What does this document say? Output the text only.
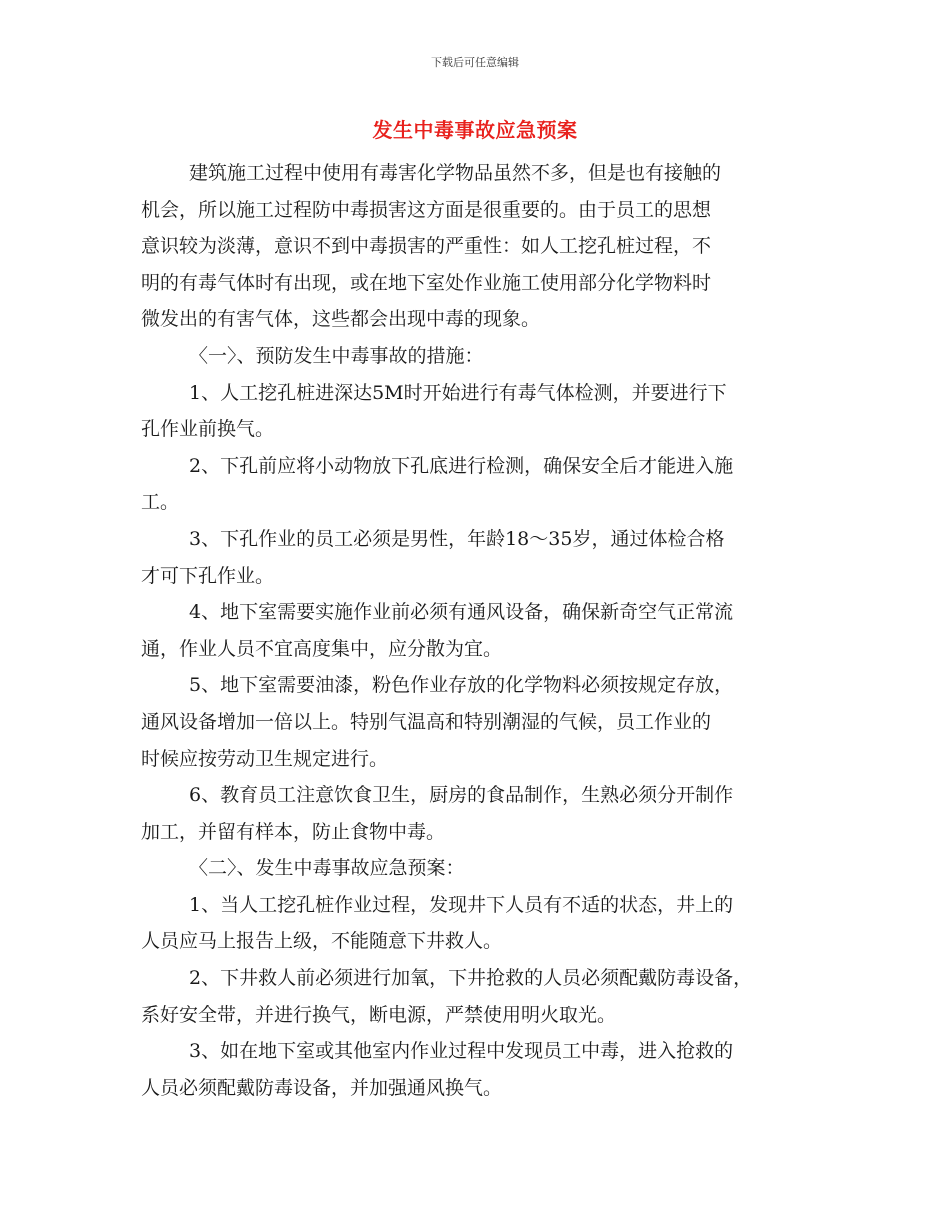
下载后可任意编辑
发生中毒事故应急预案
建筑施工过程中使用有毒害化学物品虽然不多，但是也有接触的
机会，所以施工过程防中毒损害这方面是很重要的。由于员工的思想
意识较为淡薄，意识不到中毒损害的严重性：如人工挖孔桩过程，不
明的有毒气体时有出现，或在地下室处作业施工使用部分化学物料时
微发出的有害气体，这些都会出现中毒的现象。
〈一〉、预防发生中毒事故的措施：
1、人工挖孔桩进深达5M时开始进行有毒气体检测，并要进行下
孔作业前换气。
2、下孔前应将小动物放下孔底进行检测，确保安全后才能进入施
工。
3、下孔作业的员工必须是男性，年龄18～35岁，通过体检合格
才可下孔作业。
4、地下室需要实施作业前必须有通风设备，确保新奇空气正常流
通，作业人员不宜高度集中，应分散为宜。
5、地下室需要油漆，粉色作业存放的化学物料必须按规定存放，
通风设备增加一倍以上。特别气温高和特别潮湿的气候，员工作业的
时候应按劳动卫生规定进行。
6、教育员工注意饮食卫生，厨房的食品制作，生熟必须分开制作
加工，并留有样本，防止食物中毒。
〈二〉、发生中毒事故应急预案：
1、当人工挖孔桩作业过程，发现井下人员有不适的状态，井上的
人员应马上报告上级，不能随意下井救人。
2、下井救人前必须进行加氧，下井抢救的人员必须配戴防毒设备，
系好安全带，并进行换气，断电源，严禁使用明火取光。
3、如在地下室或其他室内作业过程中发现员工中毒，进入抢救的
人员必须配戴防毒设备，并加强通风换气。
